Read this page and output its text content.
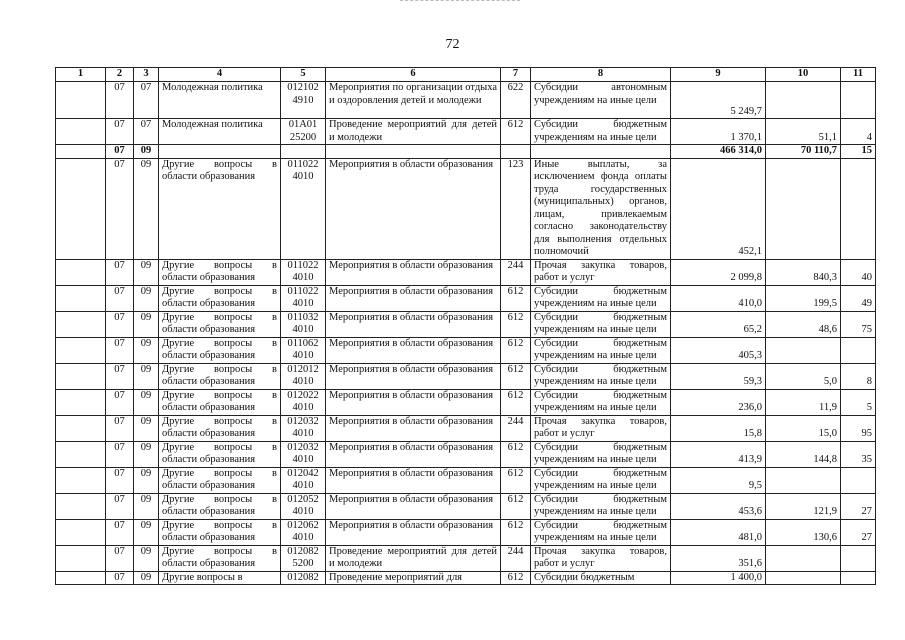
72
1	2	3	4	5	6	7	8	9	10	11
	07	07	Молодежная политика	012102 4910	Мероприятия по организации отдыха и оздоровления детей и молодежи	622	Субсидии автономным учреждениям на иные цели	5 249,7		
	07	07	Молодежная политика	01А01 25200	Проведение мероприятий для детей и молодежи	612	Субсидии бюджетным учреждениям на иные цели	1 370,1	51,1	4
	07	09						466 314,0	70 110,7	15
	07	09	Другие вопросы в области образования	011022 4010	Мероприятия в области образования	123	Иные выплаты, за исключением фонда оплаты труда государственных (муниципальных) органов, лицам, привлекаемым согласно законодательству для выполнения отдельных полномочий	452,1		
	07	09	Другие вопросы в области образования	011022 4010	Мероприятия в области образования	244	Прочая закупка товаров, работ и услуг	2 099,8	840,3	40
	07	09	Другие вопросы в области образования	011022 4010	Мероприятия в области образования	612	Субсидии бюджетным учреждениям на иные цели	410,0	199,5	49
	07	09	Другие вопросы в области образования	011032 4010	Мероприятия в области образования	612	Субсидии бюджетным учреждениям на иные цели	65,2	48,6	75
	07	09	Другие вопросы в области образования	011062 4010	Мероприятия в области образования	612	Субсидии бюджетным учреждениям на иные цели	405,3		
	07	09	Другие вопросы в области образования	012012 4010	Мероприятия в области образования	612	Субсидии бюджетным учреждениям на иные цели	59,3	5,0	8
	07	09	Другие вопросы в области образования	012022 4010	Мероприятия в области образования	612	Субсидии бюджетным учреждениям на иные цели	236,0	11,9	5
	07	09	Другие вопросы в области образования	012032 4010	Мероприятия в области образования	244	Прочая закупка товаров, работ и услуг	15,8	15,0	95
	07	09	Другие вопросы в области образования	012032 4010	Мероприятия в области образования	612	Субсидии бюджетным учреждениям на иные цели	413,9	144,8	35
	07	09	Другие вопросы в области образования	012042 4010	Мероприятия в области образования	612	Субсидии бюджетным учреждениям на иные цели	9,5		
	07	09	Другие вопросы в области образования	012052 4010	Мероприятия в области образования	612	Субсидии бюджетным учреждениям на иные цели	453,6	121,9	27
	07	09	Другие вопросы в области образования	012062 4010	Мероприятия в области образования	612	Субсидии бюджетным учреждениям на иные цели	481,0	130,6	27
	07	09	Другие вопросы в области образования	012082 5200	Проведение мероприятий для детей и молодежи	244	Прочая закупка товаров, работ и услуг	351,6		
	07	09	Другие вопросы в	012082	Проведение мероприятий для	612	Субсидии бюджетным	1 400,0		
